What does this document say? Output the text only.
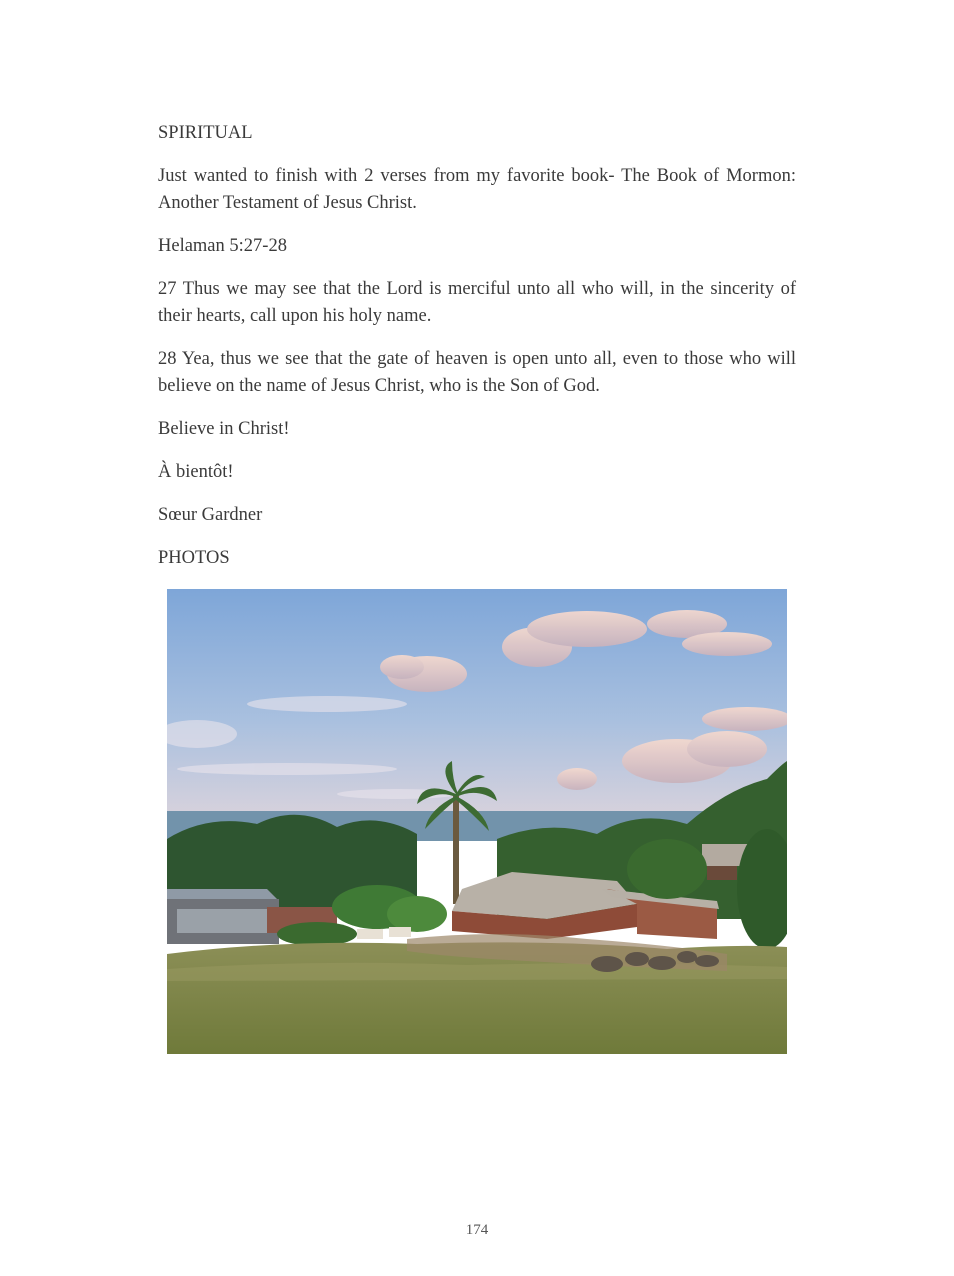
SPIRITUAL

Just wanted to finish with 2 verses from my favorite book- The Book of Mormon: Another Testament of Jesus Christ.

Helaman 5:27-28

27 Thus we may see that the Lord is merciful unto all who will, in the sincerity of their hearts, call upon his holy name.

28 Yea, thus we see that the gate of heaven is open unto all, even to those who will believe on the name of Jesus Christ, who is the Son of God.

Believe in Christ!

À bientôt!

Sœur Gardner

PHOTOS

174
